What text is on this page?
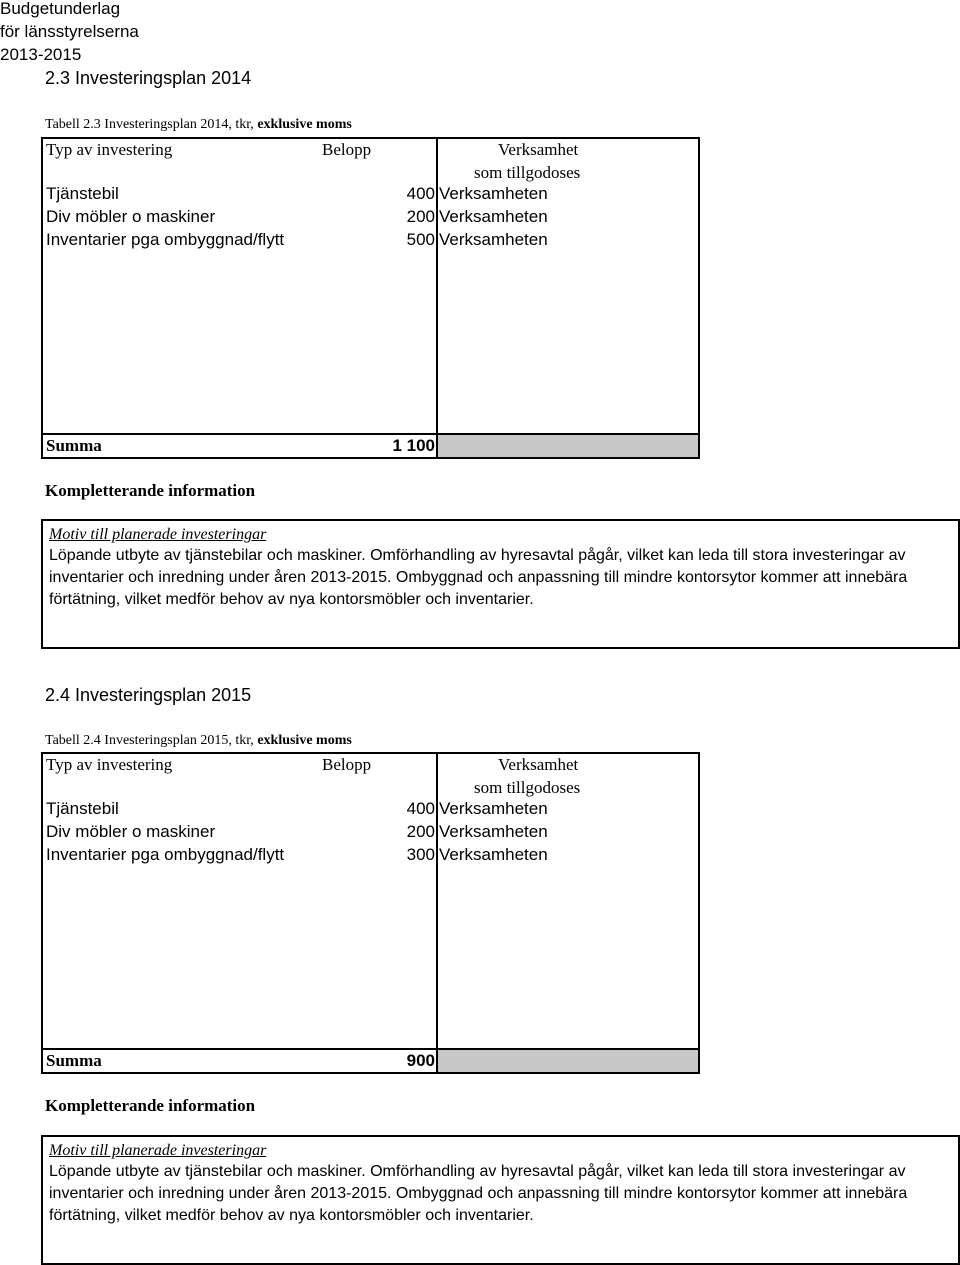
Budgetunderlag
för länsstyrelserna
2013-2015
2.3 Investeringsplan 2014
Tabell 2.3 Investeringsplan 2014, tkr, exklusive moms
Typ av investering	Belopp	Verksamhet
som tillgodoses
Tjänstebil	400 Verksamheten
Div möbler o maskiner	200 Verksamheten
Inventarier pga ombyggnad/flytt	500 Verksamheten
Summa	1 100
Kompletterande information
Motiv till planerade investeringar
Löpande utbyte av tjänstebilar och maskiner. Omförhandling av hyresavtal pågår, vilket kan leda till stora investeringar av inventarier och inredning under åren 2013-2015. Ombyggnad och anpassning till mindre kontorsytor kommer att innebära förtätning, vilket medför behov av nya kontorsmöbler och inventarier.
2.4 Investeringsplan 2015
Tabell 2.4 Investeringsplan 2015, tkr, exklusive moms
Typ av investering	Belopp	Verksamhet
som tillgodoses
Tjänstebil	400 Verksamheten
Div möbler o maskiner	200 Verksamheten
Inventarier pga ombyggnad/flytt	300 Verksamheten
Summa	900
Kompletterande information
Motiv till planerade investeringar
Löpande utbyte av tjänstebilar och maskiner. Omförhandling av hyresavtal pågår, vilket kan leda till stora investeringar av inventarier och inredning under åren 2013-2015. Ombyggnad och anpassning till mindre kontorsytor kommer att innebära förtätning, vilket medför behov av nya kontorsmöbler och inventarier.
